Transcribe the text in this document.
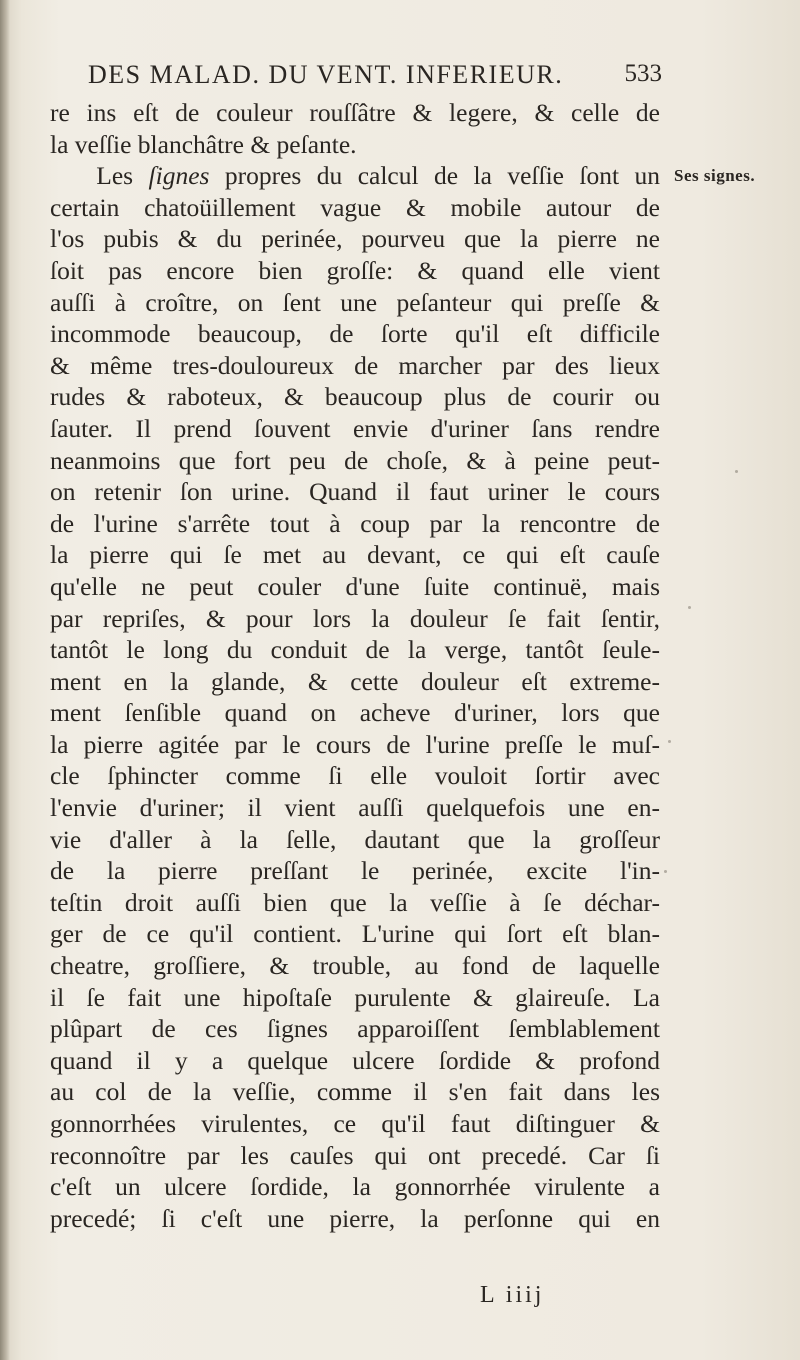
DES MALAD. DU VENT. INFERIEUR. 533
Ses signes.
re ins eſt de couleur rouſſâtre & legere, & celle de
la veſſie blanchâtre & peſante.
Les ſignes propres du calcul de la veſſie ſont un
certain chatoüillement vague & mobile autour de
l'os pubis & du perinée, pourveu que la pierre ne
ſoit pas encore bien groſſe: & quand elle vient
auſſi à croître, on ſent une peſanteur qui preſſe &
incommode beaucoup, de ſorte qu'il eſt difficile
& même tres-douloureux de marcher par des lieux
rudes & raboteux, & beaucoup plus de courir ou
ſauter. Il prend ſouvent envie d'uriner ſans rendre
neanmoins que fort peu de choſe, & à peine peut-
on retenir ſon urine. Quand il faut uriner le cours
de l'urine s'arrête tout à coup par la rencontre de
la pierre qui ſe met au devant, ce qui eſt cauſe
qu'elle ne peut couler d'une ſuite continuë, mais
par repriſes, & pour lors la douleur ſe fait ſentir,
tantôt le long du conduit de la verge, tantôt ſeule-
ment en la glande, & cette douleur eſt extreme-
ment ſenſible quand on acheve d'uriner, lors que
la pierre agitée par le cours de l'urine preſſe le muſ-
cle ſphincter comme ſi elle vouloit ſortir avec
l'envie d'uriner; il vient auſſi quelquefois une en-
vie d'aller à la ſelle, dautant que la groſſeur
de la pierre preſſant le perinée, excite l'in-
teſtin droit auſſi bien que la veſſie à ſe déchar-
ger de ce qu'il contient. L'urine qui ſort eſt blan-
cheatre, groſſiere, & trouble, au fond de laquelle
il ſe fait une hipoſtaſe purulente & glaireuſe. La
plûpart de ces ſignes apparoiſſent ſemblablement
quand il y a quelque ulcere ſordide & profond
au col de la veſſie, comme il s'en fait dans les
gonnorrhées virulentes, ce qu'il faut diſtinguer &
reconnoître par les cauſes qui ont precedé. Car ſi
c'eſt un ulcere ſordide, la gonnorrhée virulente a
precedé; ſi c'eſt une pierre, la perſonne qui en
L iiij
